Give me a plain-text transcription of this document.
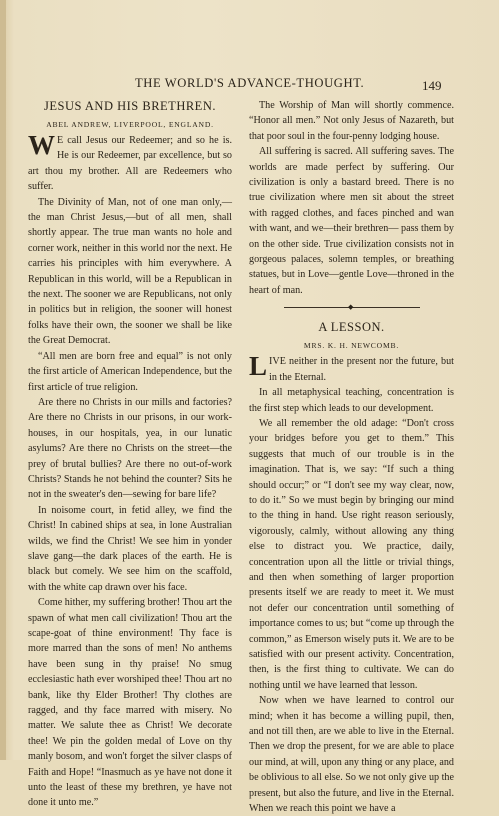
THE WORLD'S ADVANCE-THOUGHT.	149
JESUS AND HIS BRETHREN.
ABEL ANDREW, LIVERPOOL, ENGLAND.

W E call Jesus our Redeemer; and so he is. He is our Redeemer, par excellence, but so art thou my brother. All are Redeemers who suffer.

The Divinity of Man, not of one man only,—the man Christ Jesus,—but of all men, shall shortly appear. The true man wants no hole and corner work, neither in this world nor the next. He carries his principles with him everywhere. A Republican in this world, will be a Republican in the next. The sooner we are Republicans, not only in politics but in religion, the sooner will honest folks have their own, the sooner we shall be like the Great Democrat.

“All men are born free and equal” is not only the first article of American Independence, but the first article of true religion.

Are there no Christs in our mills and factories? Are there no Christs in our prisons, in our work-houses, in our hospitals, yea, in our lunatic asylums? Are there no Christs on the street—the prey of brutal bullies? Are there no out-of-work Christs? Stands he not behind the counter? Sits he not in the sweater's den—sewing for bare life?

In noisome court, in fetid alley, we find the Christ! In cabined ships at sea, in lone Australian wilds, we find the Christ! We see him in yonder slave gang—the dark places of the earth. He is black but comely. We see him on the scaffold, with the white cap drawn over his face.

Come hither, my suffering brother! Thou art the spawn of what men call civilization! Thou art the scape-goat of thine environment! Thy face is more marred than the sons of men! No anthems have been sung in thy praise! No smug ecclesiastic hath ever worshiped thee! Thou art no bank, like thy Elder Brother! Thy clothes are ragged, and thy face marred with misery. No matter. We salute thee as Christ! We decorate thee! We pin the golden medal of Love on thy manly bosom, and won't forget the silver clasps of Faith and Hope! “Inasmuch as ye have not done it unto the least of these my brethren, ye have not done it unto me.”

The Worship of Man will shortly commence. “Honor all men.” Not only Jesus of Nazareth, but that poor soul in the four-penny lodging house.

All suffering is sacred. All suffering saves. The worlds are made perfect by suffering. Our civilization is only a bastard breed. There is no true civilization where men sit about the street with ragged clothes, and faces pinched and wan with want, and we—their brethren— pass them by on the other side. True civilization consists not in gorgeous palaces, solemn temples, or breathing statues, but in Love—gentle Love—throned in the heart of man.

◆
A LESSON.
MRS. K. H. NEWCOMB.

LIVE neither in the present nor the future, but in the Eternal.

In all metaphysical teaching, concentration is the first step which leads to our development.

We all remember the old adage: “Don't cross your bridges before you get to them.” This suggests that much of our trouble is in the imagination. That is, we say: “If such a thing should occur;” or “I don't see my way clear, now, to do it.” So we must begin by bringing our mind to the thing in hand. Use right reason seriously, vigorously, calmly, without allowing any thing else to distract you. We practice, daily, concentration upon all the little or trivial things, and then when something of larger proportion presents itself we are ready to meet it. We must not defer our concentration until something of importance comes to us; but “come up through the common,” as Emerson wisely puts it. We are to be satisfied with our present activity. Concentration, then, is the first thing to cultivate. We can do nothing until we have learned that lesson.

Now when we have learned to control our mind; when it has become a willing pupil, then, and not till then, are we able to live in the Eternal. Then we drop the present, for we are able to place our mind, at will, upon any thing or any place, and be oblivious to all else. So we not only give up the present, but also the future, and live in the Eternal. When we reach this point we have a
